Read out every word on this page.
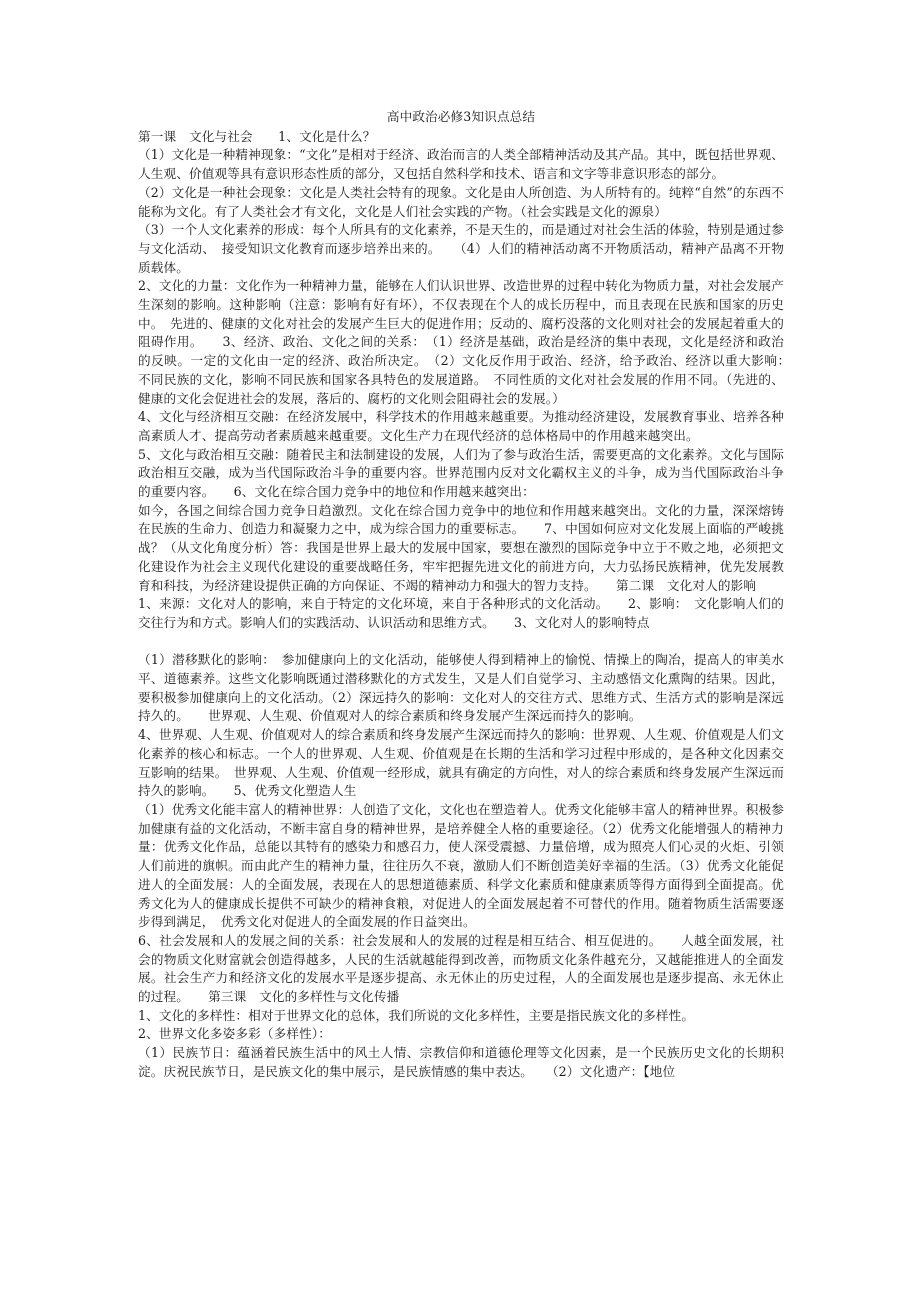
高中政治必修3知识点总结

第一课　文化与社会　　1、文化是什么？

（1）文化是一种精神现象：“文化”是相对于经济、政治而言的人类全部精神活动及其产品。其中，既包括世界观、人生观、价值观等具有意识形态性质的部分，又包括自然科学和技术、语言和文字等非意识形态的部分。

（2）文化是一种社会现象：文化是人类社会特有的现象。文化是由人所创造、为人所特有的。纯粹“自然”的东西不能称为文化。有了人类社会才有文化，文化是人们社会实践的产物。（社会实践是文化的源泉）

（3）一个人文化素养的形成：每个人所具有的文化素养，不是天生的，而是通过对社会生活的体验，特别是通过参与文化活动、　接受知识文化教育而逐步培养出来的。　　（4）人们的精神活动离不开物质活动，精神产品离不开物质载体。

2、文化的力量：文化作为一种精神力量，能够在人们认识世界、改造世界的过程中转化为物质力量，对社会发展产生深刻的影响。这种影响（注意：影响有好有坏），不仅表现在个人的成长历程中，而且表现在民族和国家的历史中。　先进的、健康的文化对社会的发展产生巨大的促进作用；反动的、腐朽没落的文化则对社会的发展起着重大的阻碍作用。　　3、经济、政治、文化之间的关系：　（1）经济是基础，政治是经济的集中表现，文化是经济和政治的反映。一定的文化由一定的经济、政治所决定。　（2）文化反作用于政治、经济，给予政治、经济以重大影响：　不同民族的文化，影响不同民族和国家各具特色的发展道路。　不同性质的文化对社会发展的作用不同。（先进的、健康的文化会促进社会的发展，落后的、腐朽的文化则会阻碍社会的发展。）

4、文化与经济相互交融：在经济发展中，科学技术的作用越来越重要。为推动经济建设，发展教育事业、培养各种高素质人才、提高劳动者素质越来越重要。文化生产力在现代经济的总体格局中的作用越来越突出。

5、文化与政治相互交融：随着民主和法制建设的发展，人们为了参与政治生活，需要更高的文化素养。文化与国际政治相互交融，成为当代国际政治斗争的重要内容。世界范围内反对文化霸权主义的斗争，成为当代国际政治斗争的重要内容。　　6、文化在综合国力竞争中的地位和作用越来越突出：

如今，各国之间综合国力竞争日趋激烈。文化在综合国力竞争中的地位和作用越来越突出。文化的力量，深深熔铸在民族的生命力、创造力和凝聚力之中，成为综合国力的重要标志。　　7、中国如何应对文化发展上面临的严峻挑战？（从文化角度分析）答：我国是世界上最大的发展中国家，要想在激烈的国际竞争中立于不败之地，必须把文化建设作为社会主义现代化建设的重要战略任务，牢牢把握先进文化的前进方向，大力弘扬民族精神，优先发展教育和科技，为经济建设提供正确的方向保证、不竭的精神动力和强大的智力支持。　　第二课　文化对人的影响

1、来源：文化对人的影响，来自于特定的文化环境，来自于各种形式的文化活动。　　2、影响：　文化影响人们的交往行为和方式。影响人们的实践活动、认识活动和思维方式。　　3、文化对人的影响特点

（1）潜移默化的影响：　参加健康向上的文化活动，能够使人得到精神上的愉悦、情操上的陶冶，提高人的审美水平、道德素养。这些文化影响既通过潜移默化的方式发生，又是人们自觉学习、主动感悟文化熏陶的结果。因此，要积极参加健康向上的文化活动。（2）深远持久的影响：文化对人的交往方式、思维方式、生活方式的影响是深远持久的。　　世界观、人生观、价值观对人的综合素质和终身发展产生深远而持久的影响。

4、世界观、人生观、价值观对人的综合素质和终身发展产生深远而持久的影响：世界观、人生观、价值观是人们文化素养的核心和标志。一个人的世界观、人生观、价值观是在长期的生活和学习过程中形成的，是各种文化因素交互影响的结果。　世界观、人生观、价值观一经形成，就具有确定的方向性，对人的综合素质和终身发展产生深远而持久的影响。　　5、优秀文化塑造人生

（1）优秀文化能丰富人的精神世界：人创造了文化，文化也在塑造着人。优秀文化能够丰富人的精神世界。积极参加健康有益的文化活动，不断丰富自身的精神世界，是培养健全人格的重要途径。（2）优秀文化能增强人的精神力量：优秀文化作品，总能以其特有的感染力和感召力，使人深受震撼、力量倍增，成为照亮人们心灵的火炬、引领人们前进的旗帜。而由此产生的精神力量，往往历久不衰，激励人们不断创造美好幸福的生活。（3）优秀文化能促进人的全面发展：人的全面发展，表现在人的思想道德素质、科学文化素质和健康素质等得方面得到全面提高。优秀文化为人的健康成长提供不可缺少的精神食粮，对促进人的全面发展起着不可替代的作用。随着物质生活需要逐步得到满足，　优秀文化对促进人的全面发展的作日益突出。

6、社会发展和人的发展之间的关系：社会发展和人的发展的过程是相互结合、相互促进的。　　人越全面发展，社会的物质文化财富就会创造得越多，人民的生活就越能得到改善，而物质文化条件越充分，又越能推进人的全面发展。社会生产力和经济文化的发展水平是逐步提高、永无休止的历史过程，人的全面发展也是逐步提高、永无休止的过程。　　第三课　文化的多样性与文化传播

1、文化的多样性：相对于世界文化的总体，我们所说的文化多样性，主要是指民族文化的多样性。

2、世界文化多姿多彩（多样性）：

（1）民族节日：蕴涵着民族生活中的风土人情、宗教信仰和道德伦理等文化因素，是一个民族历史文化的长期积淀。庆祝民族节日，是民族文化的集中展示，是民族情感的集中表达。　　（2）文化遗产：【地位
